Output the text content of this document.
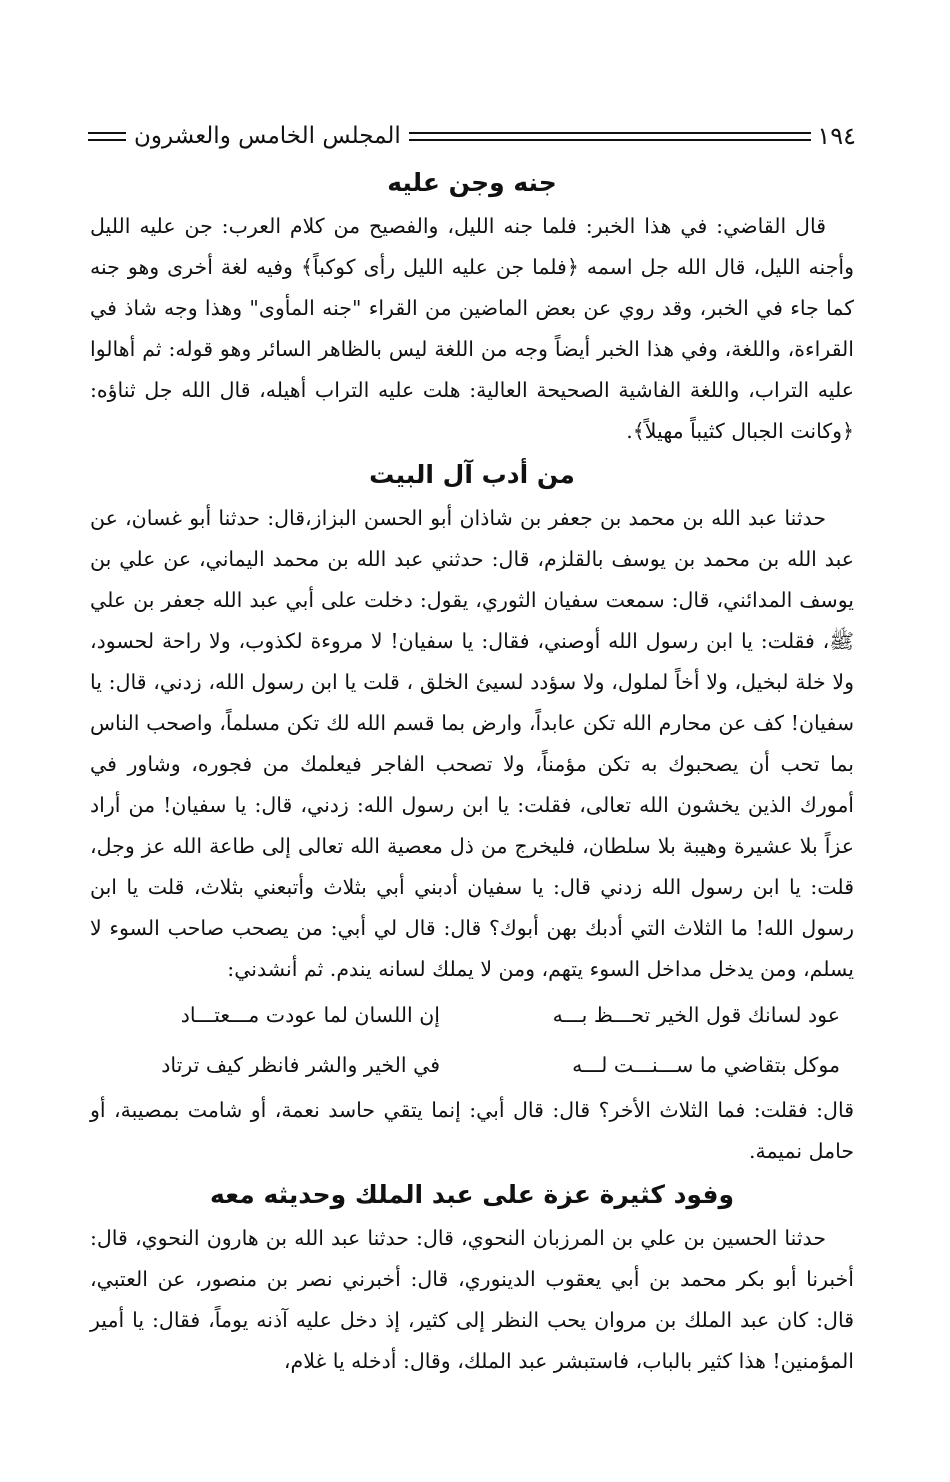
١٩٤
المجلس الخامس والعشرون
جنه وجن عليه

قال القاضي: في هذا الخبر: فلما جنه الليل، والفصيح من كلام العرب: جن عليه الليل وأجنه الليل، قال الله جل اسمه ﴿فلما جن عليه الليل رأى كوكباً﴾ وفيه لغة أخرى وهو جنه كما جاء في الخبر، وقد روي عن بعض الماضين من القراء "جنه المأوى" وهذا وجه شاذ في القراءة، واللغة، وفي هذا الخبر أيضاً وجه من اللغة ليس بالظاهر السائر وهو قوله: ثم أهالوا عليه التراب، واللغة الفاشية الصحيحة العالية: هلت عليه التراب أهيله، قال الله جل ثناؤه: ﴿وكانت الجبال كثيباً مهيلاً﴾.

من أدب آل البيت

حدثنا عبد الله بن محمد بن جعفر بن شاذان أبو الحسن البزاز،قال: حدثنا أبو غسان، عن عبد الله بن محمد بن يوسف بالقلزم، قال: حدثني عبد الله بن محمد اليماني، عن علي بن يوسف المدائني، قال: سمعت سفيان الثوري، يقول: دخلت على أبي عبد الله جعفر بن علي ﷺ، فقلت: يا ابن رسول الله أوصني، فقال: يا سفيان! لا مروءة لكذوب، ولا راحة لحسود، ولا خلة لبخيل، ولا أخاً لملول، ولا سؤدد لسيئ الخلق ، قلت يا ابن رسول الله، زدني، قال: يا سفيان! كف عن محارم الله تكن عابداً، وارض بما قسم الله لك تكن مسلماً، واصحب الناس بما تحب أن يصحبوك به تكن مؤمناً، ولا تصحب الفاجر فيعلمك من فجوره، وشاور في أمورك الذين يخشون الله تعالى، فقلت: يا ابن رسول الله: زدني، قال: يا سفيان! من أراد عزاً بلا عشيرة وهيبة بلا سلطان، فليخرج من ذل معصية الله تعالى إلى طاعة الله عز وجل، قلت: يا ابن رسول الله زدني قال: يا سفيان أدبني أبي بثلاث وأتبعني بثلاث، قلت يا ابن رسول الله! ما الثلاث التي أدبك بهن أبوك؟ قال: قال لي أبي: من يصحب صاحب السوء لا يسلم، ومن يدخل مداخل السوء يتهم، ومن لا يملك لسانه يندم. ثم أنشدني:

عود لسانك قول الخير تحـــظ بـــه
إن اللسان لما عودت مـــعتـــاد
موكل بتقاضي ما ســـنـــت لـــه
في الخير والشر فانظر كيف ترتاد

قال: فقلت: فما الثلاث الأخر؟ قال: قال أبي: إنما يتقي حاسد نعمة، أو شامت بمصيبة، أو حامل نميمة.

وفود كثيرة عزة على عبد الملك وحديثه معه

حدثنا الحسين بن علي بن المرزبان النحوي، قال: حدثنا عبد الله بن هارون النحوي، قال: أخبرنا أبو بكر محمد بن أبي يعقوب الدينوري، قال: أخبرني نصر بن منصور، عن العتبي، قال: كان عبد الملك بن مروان يحب النظر إلى كثير، إذ دخل عليه آذنه يوماً، فقال: يا أمير المؤمنين! هذا كثير بالباب، فاستبشر عبد الملك، وقال: أدخله يا غلام،
